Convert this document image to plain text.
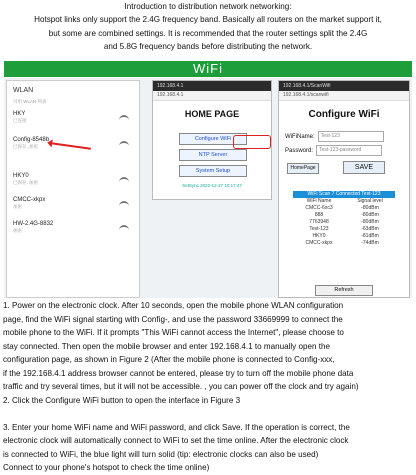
Introduction to distribution network networking:
Hotspot links only support the 2.4G frequency band. Basically all routers on the market support it,
but some are combined settings. It is recommended that the router settings split the 2.4G
and 5.8G frequency bands before distributing the network.
WiFi
WLAN
可用 WLAN 列表
HKY
已连接
Config-8548b
已保存, 加密
HKY0
已保存, 加密
CMCC-xkpx
加密
HW-2.4G-8832
加密
192.168.4.1
192.168.4.1
HOME PAGE
Configure WiFi
NTP Server
System Setup
SetSync 2022-12-27 10:17:47
192.168.4.1/ScanWifi
192.168.4.1/scanwifi
Configure WiFi
WiFiName: Test-123
Password: Test-123-password
HomePage	SAVE
WiFi Scan 7 Connected Test-123
WiFi Name	Signal level
CMCC-6xc3	-80dBm
888	-80dBm
7763948	-80dBm
Test-123	-63dBm
HKY0	-81dBm
CMCC-xkpx	-74dBm
Refresh
1. Power on the electronic clock. After 10 seconds, open the mobile phone WLAN configuration
page, find the WiFi signal starting with Config-, and use the password 33669999 to connect the
mobile phone to the WiFi. If it prompts "This WiFi cannot access the Internet", please choose to
stay connected. Then open the mobile browser and enter 192.168.4.1 to manually open the
configuration page, as shown in Figure 2 (After the mobile phone is connected to Config-xxx,
if the 192.168.4.1 address browser cannot be entered, please try to turn off the mobile phone data
traffic and try several times, but it will not be accessible. , you can power off the clock and try again)
2. Click the Configure WiFi button to open the interface in Figure 3

3. Enter your home WiFi name and WiFi password, and click Save. If the operation is correct, the
electronic clock will automatically connect to WiFi to set the time online. After the electronic clock
is connected to WiFi, the blue light will turn solid (tip: electronic clocks can also be used)
Connect to your phone's hotspot to check the time online)
